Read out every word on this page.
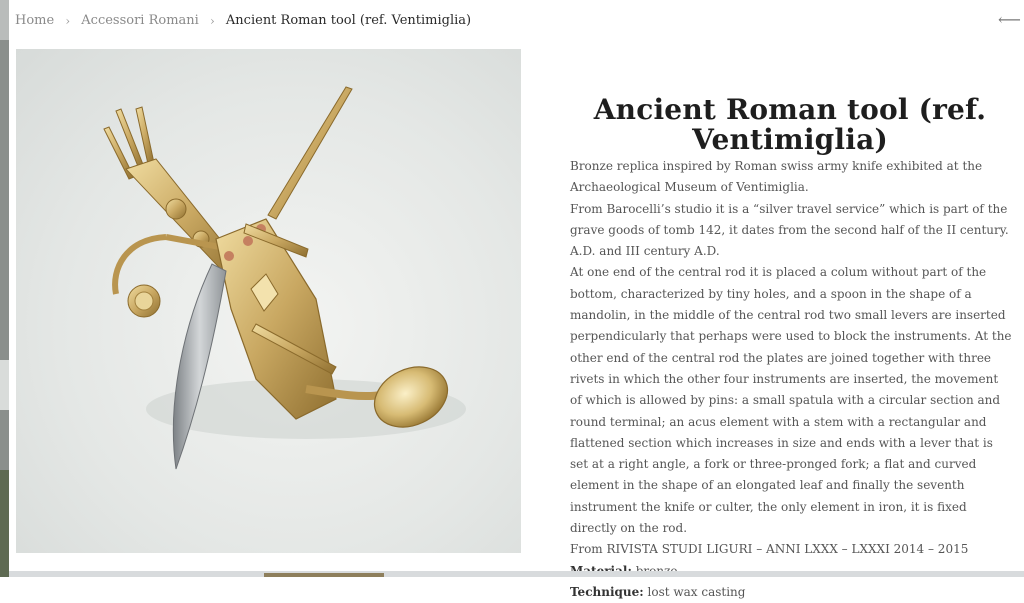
Home › Accessori Romani › Ancient Roman tool (ref. Ventimiglia)	⟵
Ancient Roman tool (ref. Ventimiglia)

Bronze replica inspired by Roman swiss army knife exhibited at the Archaeological Museum of Ventimiglia.

From Barocelli’s studio it is a “silver travel service” which is part of the grave goods of tomb 142, it dates from the second half of the II century. A.D. and III century A.D.

At one end of the central rod it is placed a colum without part of the bottom, characterized by tiny holes, and a spoon in the shape of a mandolin, in the middle of the central rod two small levers are inserted perpendicularly that perhaps were used to block the instruments. At the other end of the central rod the plates are joined together with three rivets in which the other four instruments are inserted, the movement of which is allowed by pins: a small spatula with a circular section and round terminal; an acus element with a stem with a rectangular and flattened section which increases in size and ends with a lever that is set at a right angle, a fork or three-pronged fork; a flat and curved element in the shape of an elongated leaf and finally the seventh instrument the knife or culter, the only element in iron, it is fixed directly on the rod.

From RIVISTA STUDI LIGURI – ANNI LXXX – LXXXI 2014 – 2015

Technique: lost wax casting
